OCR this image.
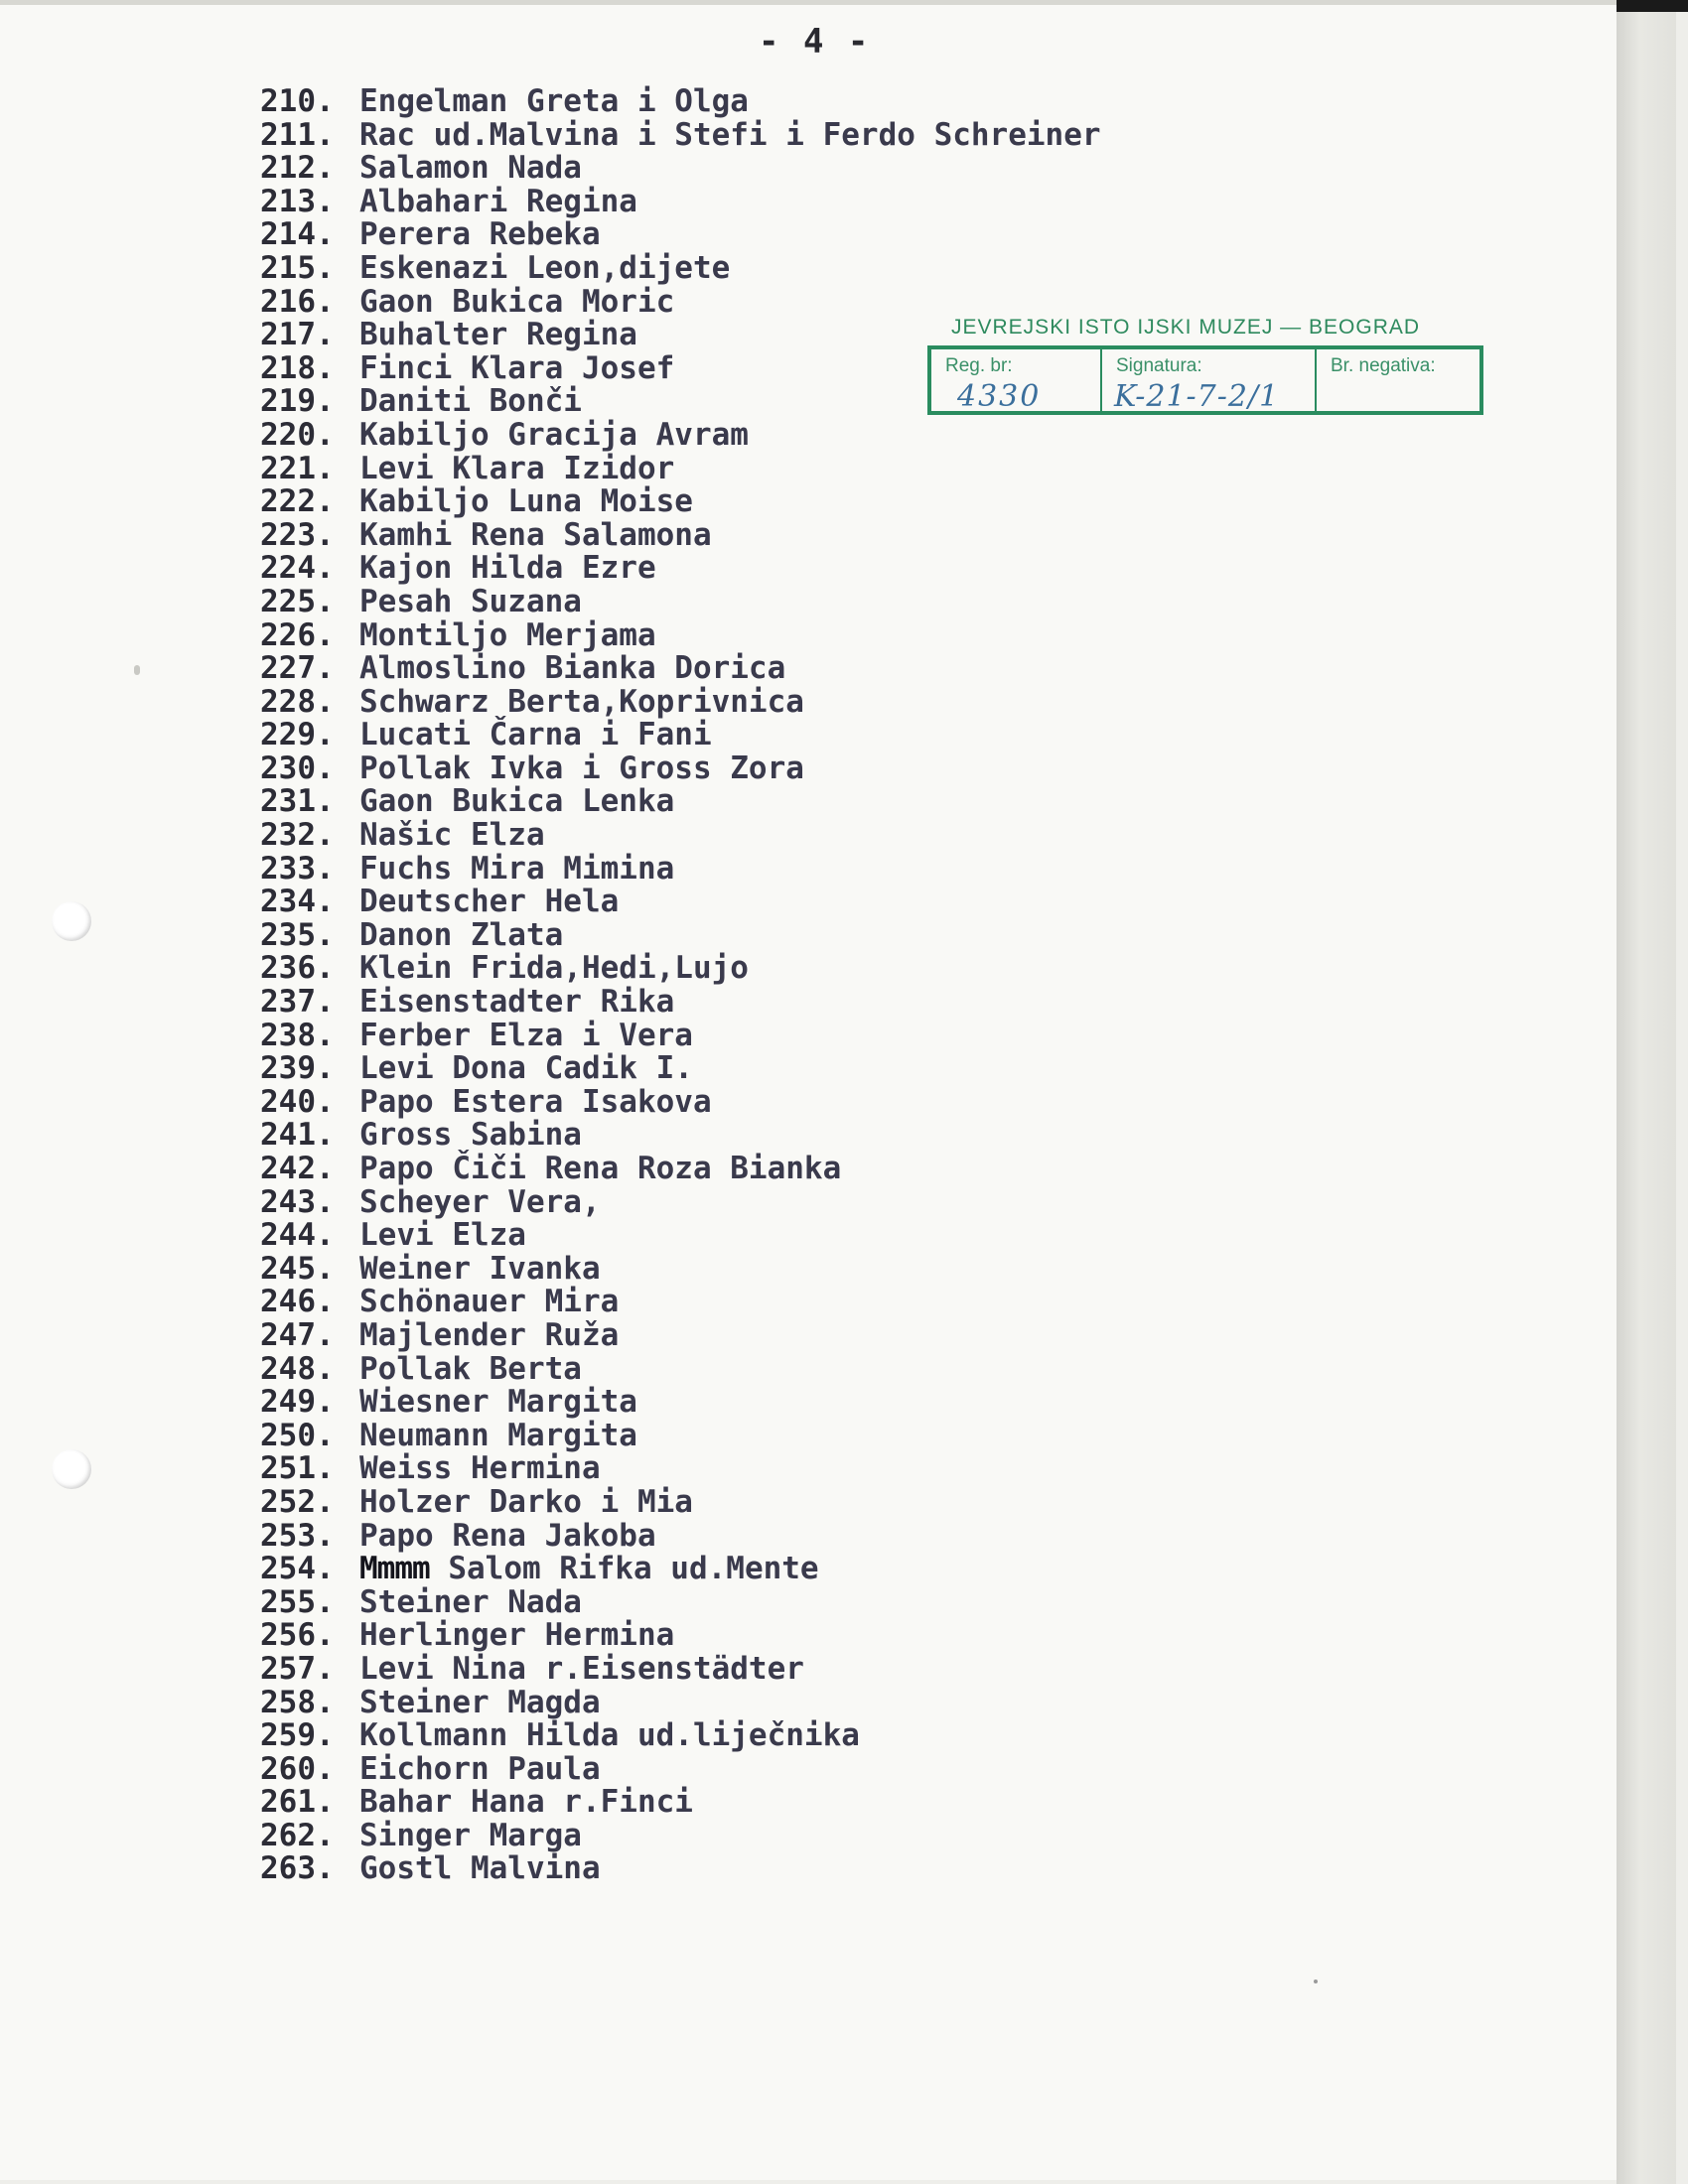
- 4 -
210. Engelman Greta i Olga
211. Rac ud.Malvina i Stefi i Ferdo Schreiner
212. Salamon Nada
213. Albahari Regina
214. Perera Rebeka
215. Eskenazi Leon,dijete
216. Gaon Bukica Moric
217. Buhalter Regina
218. Finci Klara Josef
219. Daniti Bonči
220. Kabiljo Gracija Avram
221. Levi Klara Izidor
222. Kabiljo Luna Moise
223. Kamhi Rena Salamona
224. Kajon Hilda Ezre
225. Pesah Suzana
226. Montiljo Merjama
227. Almoslino Bianka Dorica
228. Schwarz Berta,Koprivnica
229. Lucati Čarna i Fani
230. Pollak Ivka i Gross Zora
231. Gaon Bukica Lenka
232. Našic Elza
233. Fuchs Mira Mimina
234. Deutscher Hela
235. Danon Zlata
236. Klein Frida,Hedi,Lujo
237. Eisenstadter Rika
238. Ferber Elza i Vera
239. Levi Dona Cadik I.
240. Papo Estera Isakova
241. Gross Sabina
242. Papo Čiči Rena Roza Bianka
243. Scheyer Vera,
244. Levi Elza
245. Weiner Ivanka
246. Schönauer Mira
247. Majlender Ruža
248. Pollak Berta
249. Wiesner Margita
250. Neumann Margita
251. Weiss Hermina
252. Holzer Darko i Mia
253. Papo Rena Jakoba
254. Mmmm Salom Rifka ud.Mente
255. Steiner Nada
256. Herlinger Hermina
257. Levi Nina r.Eisenstädter
258. Steiner Magda
259. Kollmann Hilda ud.liječnika
260. Eichorn Paula
261. Bahar Hana r.Finci
262. Singer Marga
263. Gostl Malvina
JEVREJSKI ISTO IJSKI MUZEJ — BEOGRAD
Reg. br:
4330
Signatura:
K-21-7-2/1
Br. negativa:
